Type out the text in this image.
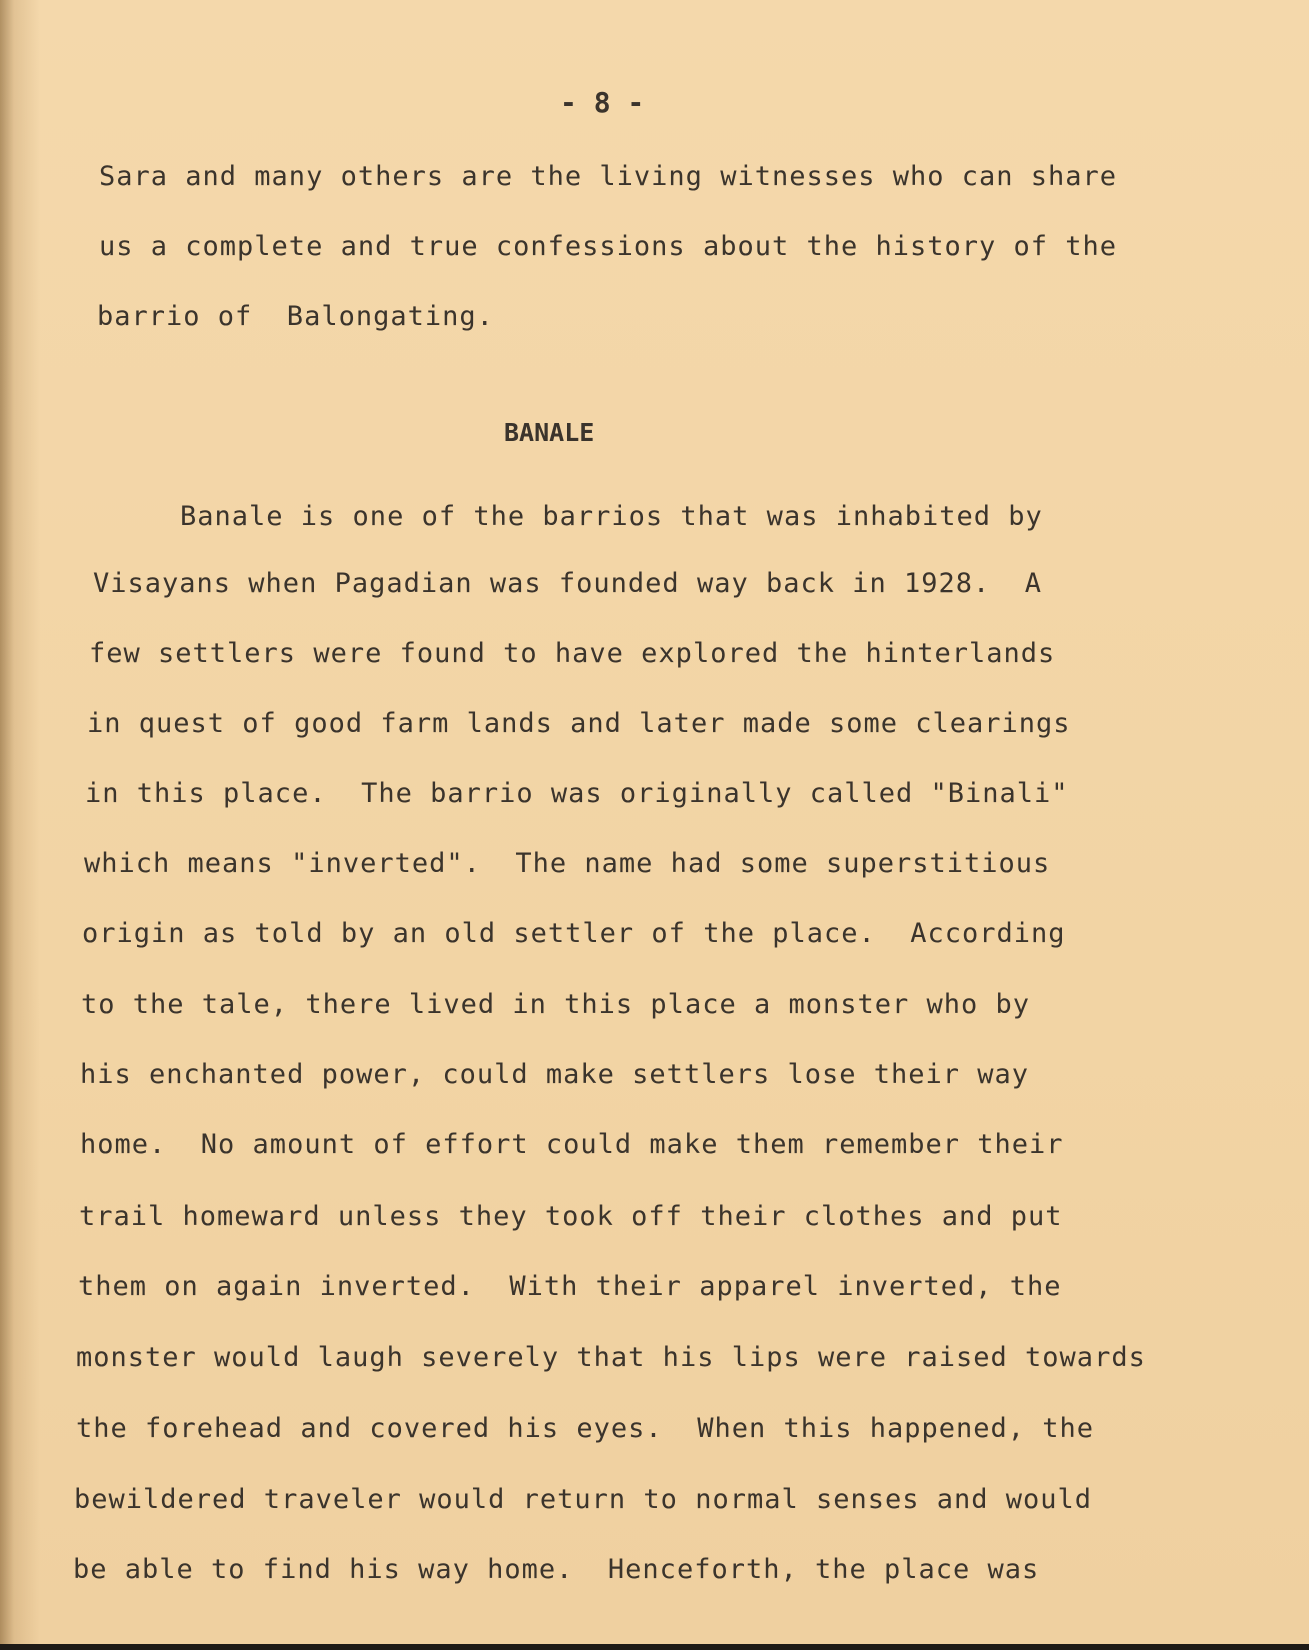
- 8 -
Sara and many others are the living witnesses who can share
us a complete and true confessions about the history of the
barrio of  Balongating.
BANALE
Banale is one of the barrios that was inhabited by
Visayans when Pagadian was founded way back in 1928.  A
few settlers were found to have explored the hinterlands
in quest of good farm lands and later made some clearings
in this place.  The barrio was originally called "Binali"
which means "inverted".  The name had some superstitious
origin as told by an old settler of the place.  According
to the tale, there lived in this place a monster who by
his enchanted power, could make settlers lose their way
home.  No amount of effort could make them remember their
trail homeward unless they took off their clothes and put
them on again inverted.  With their apparel inverted, the
monster would laugh severely that his lips were raised towards
the forehead and covered his eyes.  When this happened, the
bewildered traveler would return to normal senses and would
be able to find his way home.  Henceforth, the place was
